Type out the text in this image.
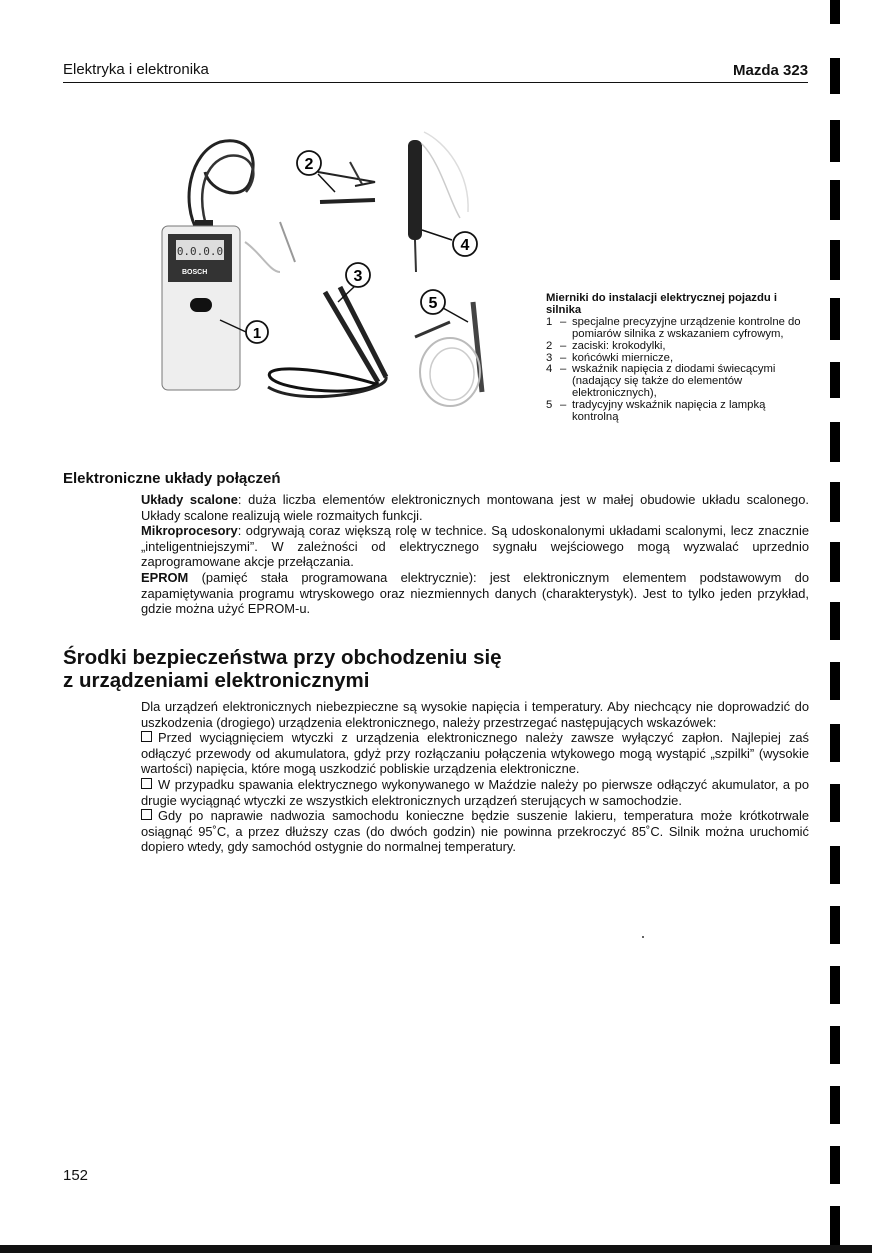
Elektryka i elektronika	Mazda 323
0.0.0.0
BOSCH
1
2
3
4
5	Mierniki do instalacji elektrycznej pojazdu i silnika
1 – specjalne precyzyjne urządzenie kontrolne do pomiarów silnika z wskazaniem cyfrowym,
2 – zaciski: krokodylki,
3 – końcówki miernicze,
4 – wskaźnik napięcia z diodami świecącymi (nadający się także do elementów elektronicznych),
5 – tradycyjny wskaźnik napięcia z lampką kontrolną
Elektroniczne układy połączeń

Układy scalone: duża liczba elementów elektronicznych montowana jest w małej obudowie układu scalonego. Układy scalone realizują wiele rozmaitych funkcji.

Mikroprocesory: odgrywają coraz większą rolę w technice. Są udoskonalonymi układami scalonymi, lecz znacznie „inteligentniejszymi”. W zależności od elektrycznego sygnału wejściowego mogą wyzwalać uprzednio zaprogramowane akcje przełączania.

EPROM (pamięć stała programowana elektrycznie): jest elektronicznym elementem podstawowym do zapamiętywania programu wtryskowego oraz niezmiennych danych (charakterystyk). Jest to tylko jeden przykład, gdzie można użyć EPROM-u.

Środki bezpieczeństwa przy obchodzeniu się
z urządzeniami elektronicznymi

Dla urządzeń elektronicznych niebezpieczne są wysokie napięcia i temperatury. Aby niechcący nie doprowadzić do uszkodzenia (drogiego) urządzenia elektronicznego, należy przestrzegać następujących wskazówek:

Przed wyciągnięciem wtyczki z urządzenia elektronicznego należy zawsze wyłączyć zapłon. Najlepiej zaś odłączyć przewody od akumulatora, gdyż przy rozłączaniu połączenia wtykowego mogą wystąpić „szpilki” (wysokie wartości) napięcia, które mogą uszkodzić pobliskie urządzenia elektroniczne.

W przypadku spawania elektrycznego wykonywanego w Maździe należy po pierwsze odłączyć akumulator, a po drugie wyciągnąć wtyczki ze wszystkich elektronicznych urządzeń sterujących w samochodzie.

Gdy po naprawie nadwozia samochodu konieczne będzie suszenie lakieru, temperatura może krótkotrwale osiągnąć 95˚C, a przez dłuższy czas (do dwóch godzin) nie powinna przekroczyć 85˚C. Silnik można uruchomić dopiero wtedy, gdy samochód ostygnie do normalnej temperatury.

152
